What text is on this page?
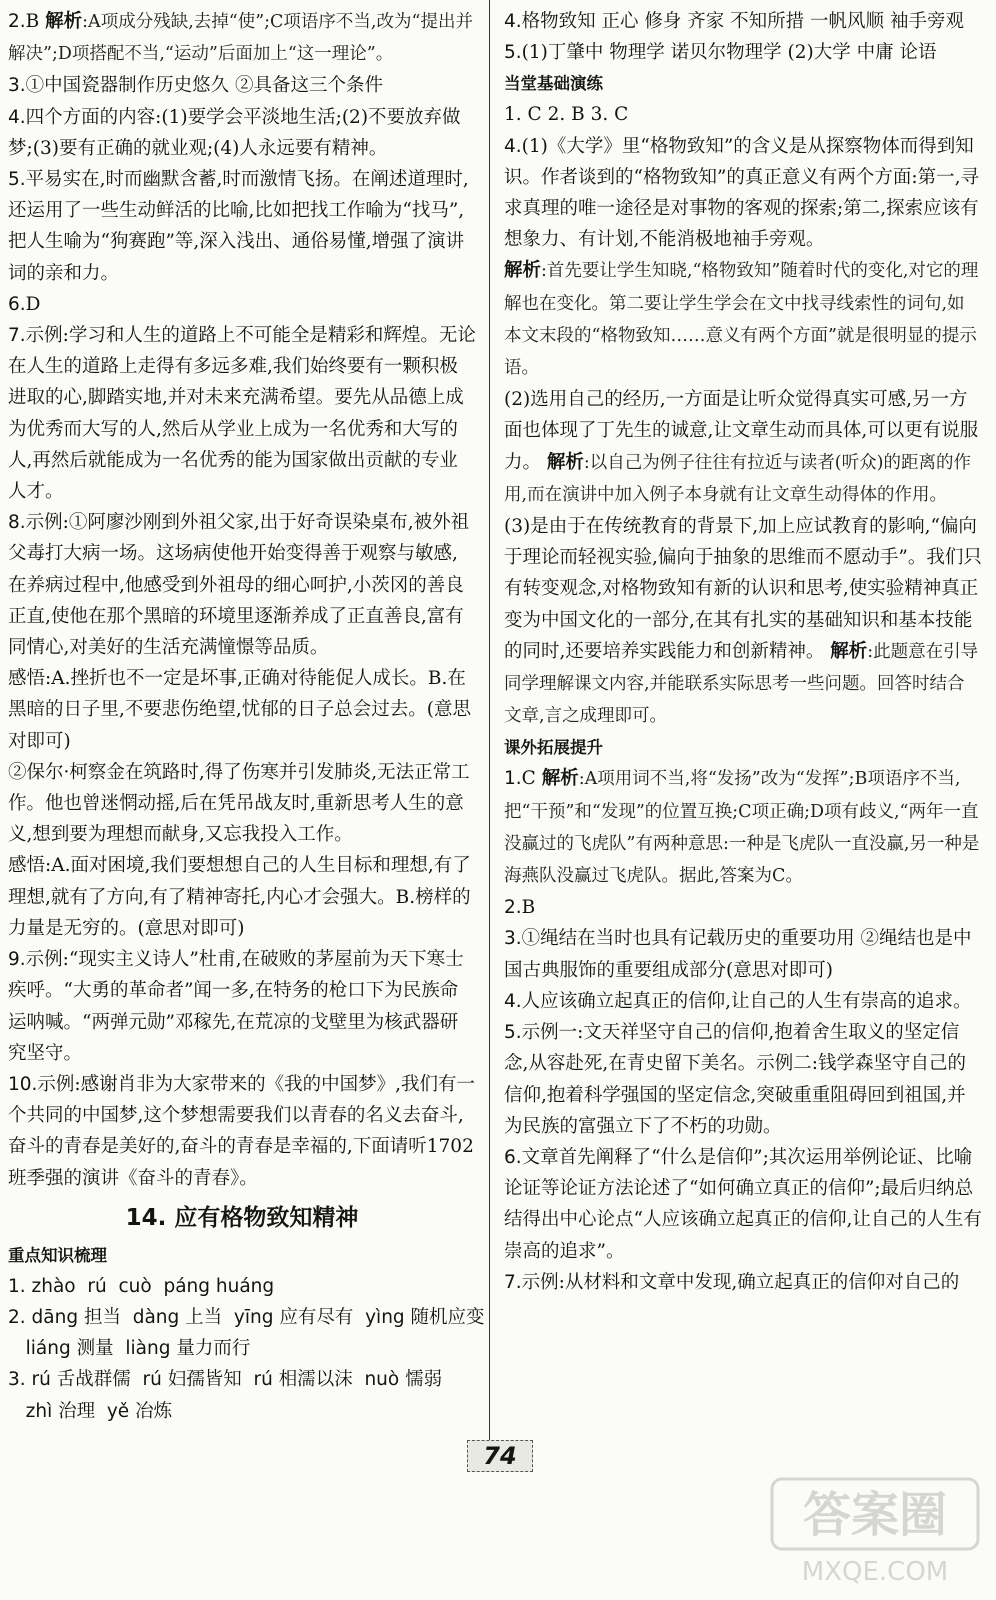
2.B 解析:A项成分残缺,去掉“使”;C项语序不当,改为“提出并解决”;D项搭配不当,“运动”后面加上“这一理论”。
3.①中国瓷器制作历史悠久 ②具备这三个条件
4.四个方面的内容:(1)要学会平淡地生活;(2)不要放弃做梦;(3)要有正确的就业观;(4)人永远要有精神。
5.平易实在,时而幽默含蓄,时而激情飞扬。在阐述道理时,还运用了一些生动鲜活的比喻,比如把找工作喻为“找马”,把人生喻为“狗赛跑”等,深入浅出、通俗易懂,增强了演讲词的亲和力。
6.D
7.示例:学习和人生的道路上不可能全是精彩和辉煌。无论在人生的道路上走得有多远多难,我们始终要有一颗积极进取的心,脚踏实地,并对未来充满希望。要先从品德上成为优秀而大写的人,然后从学业上成为一名优秀和大写的人,再然后就能成为一名优秀的能为国家做出贡献的专业人才。
8.示例:①阿廖沙刚到外祖父家,出于好奇误染桌布,被外祖父毒打大病一场。这场病使他开始变得善于观察与敏感,在养病过程中,他感受到外祖母的细心呵护,小茨冈的善良正直,使他在那个黑暗的环境里逐渐养成了正直善良,富有同情心,对美好的生活充满憧憬等品质。
感悟:A.挫折也不一定是坏事,正确对待能促人成长。B.在黑暗的日子里,不要悲伤绝望,忧郁的日子总会过去。(意思对即可)
②保尔·柯察金在筑路时,得了伤寒并引发肺炎,无法正常工作。他也曾迷惘动摇,后在凭吊战友时,重新思考人生的意义,想到要为理想而献身,又忘我投入工作。
感悟:A.面对困境,我们要想想自己的人生目标和理想,有了理想,就有了方向,有了精神寄托,内心才会强大。B.榜样的力量是无穷的。(意思对即可)
9.示例:“现实主义诗人”杜甫,在破败的茅屋前为天下寒士疾呼。“大勇的革命者”闻一多,在特务的枪口下为民族命运呐喊。“两弹元勋”邓稼先,在荒凉的戈壁里为核武器研究坚守。
10.示例:感谢肖非为大家带来的《我的中国梦》,我们有一个共同的中国梦,这个梦想需要我们以青春的名义去奋斗,奋斗的青春是美好的,奋斗的青春是幸福的,下面请听1702班季强的演讲《奋斗的青春》。
14. 应有格物致知精神
重点知识梳理
1. zhào  rú  cuò  páng huáng
2. dāng 担当  dàng 上当  yīng 应有尽有  yìng 随机应变
liáng 测量  liàng 量力而行
3. rú 舌战群儒  rú 妇孺皆知  rú 相濡以沫  nuò 懦弱
zhì 治理  yě 冶炼
4.格物致知 正心 修身 齐家 不知所措 一帆风顺 袖手旁观
5.(1)丁肇中 物理学 诺贝尔物理学 (2)大学 中庸 论语
当堂基础演练
1. C 2. B 3. C
4.(1)《大学》里“格物致知”的含义是从探察物体而得到知识。作者谈到的“格物致知”的真正意义有两个方面:第一,寻求真理的唯一途径是对事物的客观的探索;第二,探索应该有想象力、有计划,不能消极地袖手旁观。
解析:首先要让学生知晓,“格物致知”随着时代的变化,对它的理解也在变化。第二要让学生学会在文中找寻线索性的词句,如本文末段的“格物致知……意义有两个方面”就是很明显的提示语。
(2)选用自己的经历,一方面是让听众觉得真实可感,另一方面也体现了丁先生的诚意,让文章生动而具体,可以更有说服力。 解析:以自己为例子往往有拉近与读者(听众)的距离的作用,而在演讲中加入例子本身就有让文章生动得体的作用。
(3)是由于在传统教育的背景下,加上应试教育的影响,“偏向于理论而轻视实验,偏向于抽象的思维而不愿动手”。我们只有转变观念,对格物致知有新的认识和思考,使实验精神真正变为中国文化的一部分,在其有扎实的基础知识和基本技能的同时,还要培养实践能力和创新精神。 解析:此题意在引导同学理解课文内容,并能联系实际思考一些问题。回答时结合文章,言之成理即可。
课外拓展提升
1.C 解析:A项用词不当,将“发扬”改为“发挥”;B项语序不当,把“干预”和“发现”的位置互换;C项正确;D项有歧义,“两年一直没赢过的飞虎队”有两种意思:一种是飞虎队一直没赢,另一种是海燕队没赢过飞虎队。据此,答案为C。
2.B
3.①绳结在当时也具有记载历史的重要功用 ②绳结也是中国古典服饰的重要组成部分(意思对即可)
4.人应该确立起真正的信仰,让自己的人生有崇高的追求。
5.示例一:文天祥坚守自己的信仰,抱着舍生取义的坚定信念,从容赴死,在青史留下美名。示例二:钱学森坚守自己的信仰,抱着科学强国的坚定信念,突破重重阻碍回到祖国,并为民族的富强立下了不朽的功勋。
6.文章首先阐释了“什么是信仰”;其次运用举例论证、比喻论证等论证方法论述了“如何确立真正的信仰”;最后归纳总结得出中心论点“人应该确立起真正的信仰,让自己的人生有崇高的追求”。
7.示例:从材料和文章中发现,确立起真正的信仰对自己的
74
答案圈
MXQE.COM
